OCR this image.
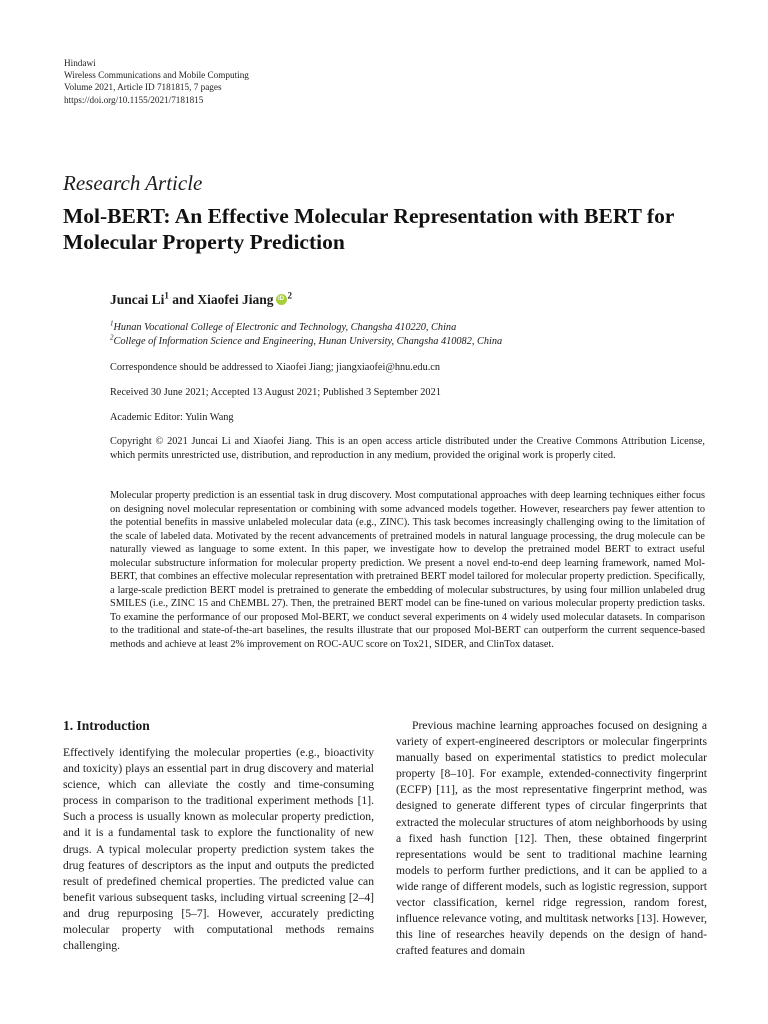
Hindawi
Wireless Communications and Mobile Computing
Volume 2021, Article ID 7181815, 7 pages
https://doi.org/10.1155/2021/7181815
Research Article
Mol-BERT: An Effective Molecular Representation with BERT for Molecular Property Prediction
Juncai Li$^1$ and Xiaofei Jiang iD $^2$
$^1$Hunan Vocational College of Electronic and Technology, Changsha 410220, China
$^2$College of Information Science and Engineering, Hunan University, Changsha 410082, China
Correspondence should be addressed to Xiaofei Jiang; jiangxiaofei@hnu.edu.cn
Received 30 June 2021; Accepted 13 August 2021; Published 3 September 2021
Academic Editor: Yulin Wang
Copyright © 2021 Juncai Li and Xiaofei Jiang. This is an open access article distributed under the Creative Commons Attribution License, which permits unrestricted use, distribution, and reproduction in any medium, provided the original work is properly cited.
Molecular property prediction is an essential task in drug discovery. Most computational approaches with deep learning techniques either focus on designing novel molecular representation or combining with some advanced models together. However, researchers pay fewer attention to the potential benefits in massive unlabeled molecular data (e.g., ZINC). This task becomes increasingly challenging owing to the limitation of the scale of labeled data. Motivated by the recent advancements of pretrained models in natural language processing, the drug molecule can be naturally viewed as language to some extent. In this paper, we investigate how to develop the pretrained model BERT to extract useful molecular substructure information for molecular property prediction. We present a novel end-to-end deep learning framework, named Mol-BERT, that combines an effective molecular representation with pretrained BERT model tailored for molecular property prediction. Specifically, a large-scale prediction BERT model is pretrained to generate the embedding of molecular substructures, by using four million unlabeled drug SMILES (i.e., ZINC 15 and ChEMBL 27). Then, the pretrained BERT model can be fine-tuned on various molecular property prediction tasks. To examine the performance of our proposed Mol-BERT, we conduct several experiments on 4 widely used molecular datasets. In comparison to the traditional and state-of-the-art baselines, the results illustrate that our proposed Mol-BERT can outperform the current sequence-based methods and achieve at least 2% improvement on ROC-AUC score on Tox21, SIDER, and ClinTox dataset.
1. Introduction
Effectively identifying the molecular properties (e.g., bioactivity and toxicity) plays an essential part in drug discovery and material science, which can alleviate the costly and time-consuming process in comparison to the traditional experiment methods [1]. Such a process is usually known as molecular property prediction, and it is a fundamental task to explore the functionality of new drugs. A typical molecular property prediction system takes the drug features of descriptors as the input and outputs the predicted result of predefined chemical properties. The predicted value can benefit various subsequent tasks, including virtual screening [2–4] and drug repurposing [5–7]. However, accurately predicting molecular property with computational methods remains challenging.
Previous machine learning approaches focused on designing a variety of expert-engineered descriptors or molecular fingerprints manually based on experimental statistics to predict molecular property [8–10]. For example, extended-connectivity fingerprint (ECFP) [11], as the most representative fingerprint method, was designed to generate different types of circular fingerprints that extracted the molecular structures of atom neighborhoods by using a fixed hash function [12]. Then, these obtained fingerprint representations would be sent to traditional machine learning models to perform further predictions, and it can be applied to a wide range of different models, such as logistic regression, support vector classification, kernel ridge regression, random forest, influence relevance voting, and multitask networks [13]. However, this line of researches heavily depends on the design of hand-crafted features and domain
